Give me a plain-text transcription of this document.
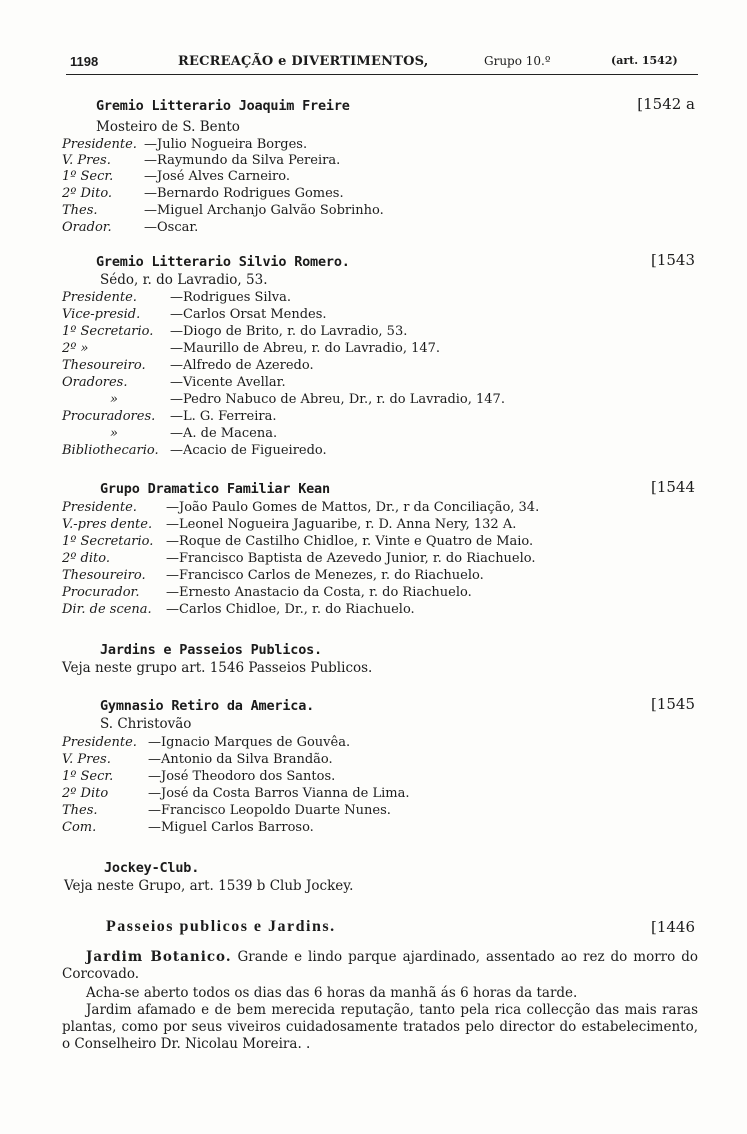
1198	RECREAÇÃO e DIVERTIMENTOS,	Grupo 10.º	(art. 1542)
Gremio Litterario Joaquim Freire	[1542 a
Mosteiro de S. Bento
Presidente. —Julio Nogueira Borges.
V. Pres.	—Raymundo da Silva Pereira.
1º Secr. —José Alves Carneiro.
2º Dito. —Bernardo Rodrigues Gomes.
Thes.	—Miguel Archanjo Galvão Sobrinho.
Orador. —Oscar.
Gremio Litterario Silvio Romero.	[1543
Sédo, r. do Lavradio, 53.
Presidente.	—Rodrigues Silva.
Vice-presid. —Carlos Orsat Mendes.
1º Secretario. —Diogo de Brito, r. do Lavradio, 53.
2º »	—Maurillo de Abreu, r. do Lavradio, 147.
Thesoureiro. —Alfredo de Azeredo.
Oradores.	—Vicente Avellar.
»	—Pedro Nabuco de Abreu, Dr., r. do Lavradio, 147.
Procuradores. —L. G. Ferreira.
»	—A. de Macena.
Bibliothecario. —Acacio de Figueiredo.
Grupo Dramatico Familiar Kean	[1544
Presidente. —João Paulo Gomes de Mattos, Dr., r da Conciliação, 34.
V.-pres dente. —Leonel Nogueira Jaguaribe, r. D. Anna Nery, 132 A.
1º Secretario. —Roque de Castilho Chidloe, r. Vinte e Quatro de Maio.
2º dito.	—Francisco Baptista de Azevedo Junior, r. do Riachuelo.
Thesoureiro. —Francisco Carlos de Menezes, r. do Riachuelo.
Procurador. —Ernesto Anastacio da Costa, r. do Riachuelo.
Dir. de scena. —Carlos Chidloe, Dr., r. do Riachuelo.
Jardins e Passeios Publicos.
Veja neste grupo art. 1546 Passeios Publicos.
Gymnasio Retiro da America.	[1545
S. Christovão
Presidente. —Ignacio Marques de Gouvêa.
V. Pres.	—Antonio da Silva Brandão.
1º Secr.	—José Theodoro dos Santos.
2º Dito	—José da Costa Barros Vianna de Lima.
Thes.	—Francisco Leopoldo Duarte Nunes.
Com.	—Miguel Carlos Barroso.
Jockey-Club.
Veja neste Grupo, art. 1539 b Club Jockey.
Passeios publicos e Jardins.	[1446
Jardim Botanico. Grande e lindo parque ajardinado, assentado ao rez do morro do Corcovado.
Acha-se aberto todos os dias das 6 horas da manhã ás 6 horas da tarde.
Jardim afamado e de bem merecida reputação, tanto pela rica collecção das mais raras plantas, como por seus viveiros cuidadosamente tratados pelo director do estabelecimento, o Conselheiro Dr. Nicolau Moreira. .
